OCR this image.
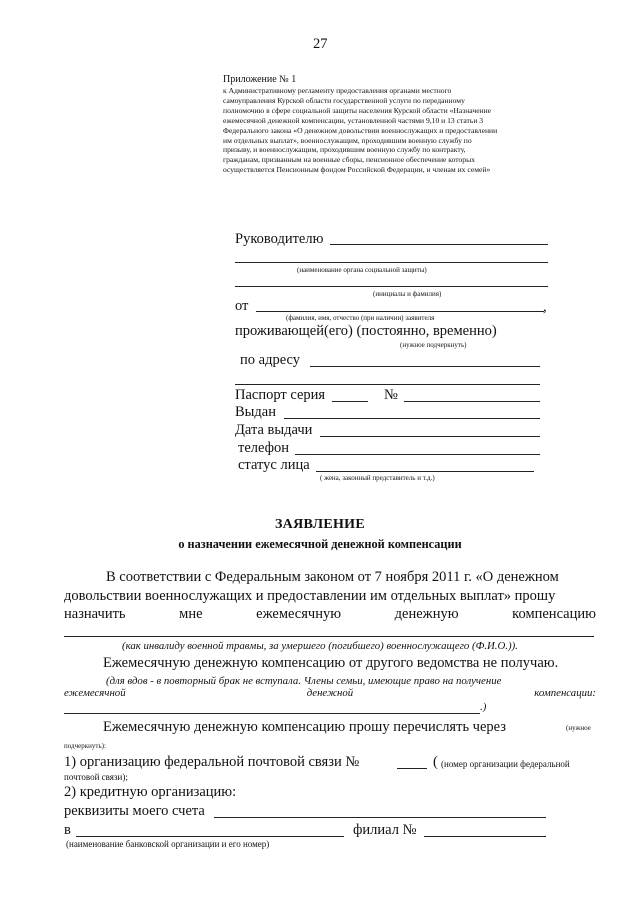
27
Приложение № 1
к Административному регламенту предоставления органами местного
самоуправления Курской области государственной услуги по переданному
полномочию в сфере социальной защиты населения Курской области «Назначение
ежемесячной денежной компенсации, установленной частями 9,10 и 13 статьи 3
Федерального закона «О денежном довольствии военнослужащих и предоставлении
им отдельных выплат», военнослужащим, проходившим военную службу по
призыву, и военнослужащим, проходившим военную службу по контракту,
гражданам, призванным на военные сборы, пенсионное обеспечение которых
осуществляется Пенсионным фондом Российской Федерации, и членам их семей»
Руководителю
(наименование органа социальной защиты)
(инициалы и фамилия)
от	,
(фамилия, имя, отчество (при наличии) заявителя
проживающей(его) (постоянно, временно)
(нужное подчеркнуть)
по адресу
Паспорт серия	№
Выдан
Дата выдачи
телефон
статус лица
( жена, законный представитель и т.д.)
ЗАЯВЛЕНИЕ
о назначении ежемесячной денежной компенсации
В соответствии с Федеральным законом от 7 ноября 2011 г. «О денежном
довольствии военнослужащих и предоставлении им отдельных выплат» прошу
назначить	мне	ежемесячную	денежную	компенсацию
(как инвалиду военной травмы, за умершего (погибшего) военнослужащего (Ф.И.О.)).
Ежемесячную денежную компенсацию от другого ведомства не получаю.
(для вдов - в повторный брак не вступала. Члены семьи, имеющие право на получение
ежемесячной	денежной	компенсации:
.)
Ежемесячную денежную компенсацию прошу перечислять через	(нужное
подчеркнуть):
1) организацию федеральной почтовой связи №	( (номер организации федеральной
почтовой связи);
2) кредитную организацию:
реквизиты моего счета
в	филиал №
(наименование банковской организации и его номер)
